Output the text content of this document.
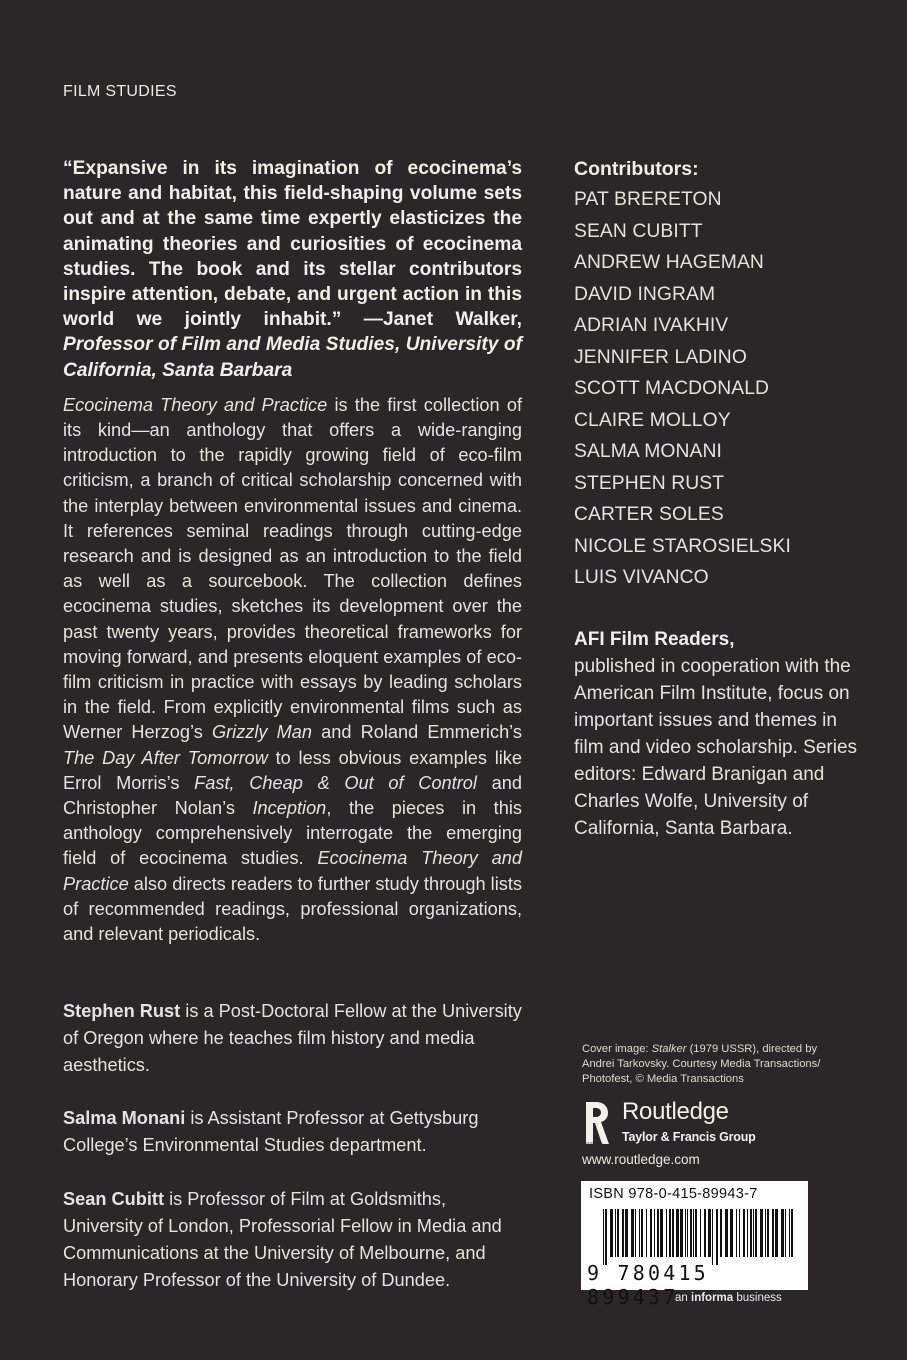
FILM STUDIES

“Expansive in its imagination of ecocinema’s nature and habitat, this field-shaping volume sets out and at the same time expertly elasticizes the animating theories and curiosities of ecocinema studies. The book and its stellar contributors inspire attention, debate, and urgent action in this world we jointly inhabit.” —Janet Walker, Professor of Film and Media Studies, University of California, Santa Barbara

Ecocinema Theory and Practice is the first collection of its kind—an anthology that offers a wide-ranging introduction to the rapidly growing field of eco-film criticism, a branch of critical scholarship concerned with the interplay between environmental issues and cinema. It references seminal readings through cutting-edge research and is designed as an introduction to the field as well as a sourcebook. The collection defines ecocinema studies, sketches its development over the past twenty years, provides theoretical frameworks for moving forward, and presents eloquent examples of eco-film criticism in practice with essays by leading scholars in the field. From explicitly environmental films such as Werner Herzog’s Grizzly Man and Roland Emmerich’s The Day After Tomorrow to less obvious examples like Errol Morris’s Fast, Cheap & Out of Control and Christopher Nolan’s Inception, the pieces in this anthology comprehensively interrogate the emerging field of ecocinema studies. Ecocinema Theory and Practice also directs readers to further study through lists of recommended readings, professional organizations, and relevant periodicals.

Stephen Rust is a Post-Doctoral Fellow at the University of Oregon where he teaches film history and media aesthetics.

Salma Monani is Assistant Professor at Gettysburg College’s Environmental Studies department.

Sean Cubitt is Professor of Film at Goldsmiths, University of London, Professorial Fellow in Media and Communications at the University of Melbourne, and Honorary Professor of the University of Dundee.

Contributors:

PAT BRERETON
SEAN CUBITT
ANDREW HAGEMAN
DAVID INGRAM
ADRIAN IVAKHIV
JENNIFER LADINO
SCOTT MACDONALD
CLAIRE MOLLOY
SALMA MONANI
STEPHEN RUST
CARTER SOLES
NICOLE STAROSIELSKI
LUIS VIVANCO

AFI Film Readers,

published in cooperation with the American Film Institute, focus on important issues and themes in film and video scholarship. Series editors: Edward Branigan and Charles Wolfe, University of California, Santa Barbara.

Cover image: Stalker (1979 USSR), directed by Andrei Tarkovsky. Courtesy Media Transactions/ Photofest, © Media Transactions
ROUTLEDGE
Routledge
Taylor & Francis Group
www.routledge.com
ISBN 978-0-415-89943-7
9 780415 899437
an informa business
